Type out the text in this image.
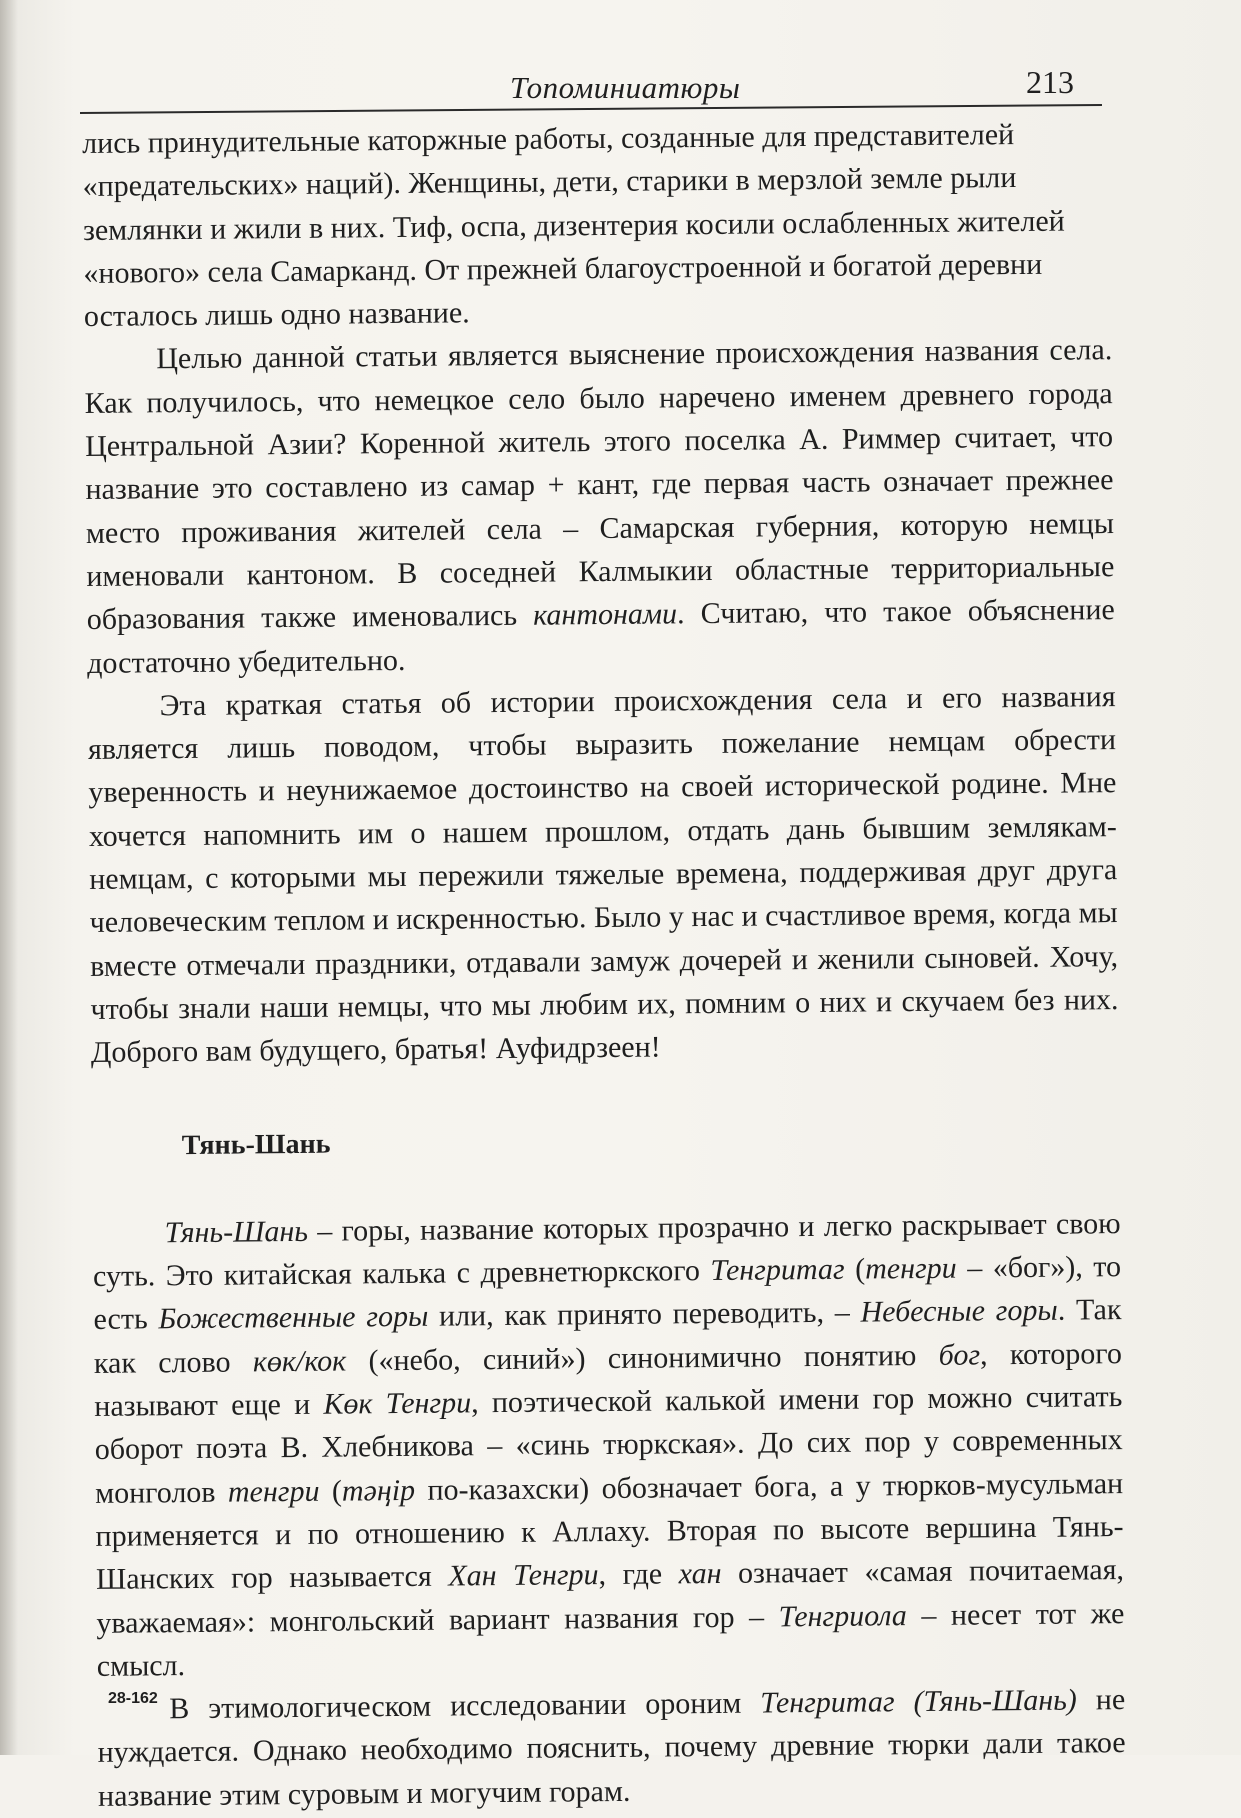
Топоминиатюры	213

лись принудительные каторжные работы, созданные для представителей «предательских» наций). Женщины, дети, старики в мерзлой земле рыли землянки и жили в них. Тиф, оспа, дизентерия косили ослабленных жителей «нового» села Самарканд. От прежней благоустроенной и богатой деревни осталось лишь одно название.

Целью данной статьи является выяснение происхождения названия села. Как получилось, что немецкое село было наречено именем древнего города Центральной Азии? Коренной житель этого поселка А. Риммер считает, что название это составлено из самар + кант, где первая часть означает прежнее место проживания жителей села – Самарская губерния, которую немцы именовали кантоном. В соседней Калмыкии областные территориальные образования также именовались кантонами. Считаю, что такое объяснение достаточно убедительно.

Эта краткая статья об истории происхождения села и его названия является лишь поводом, чтобы выразить пожелание немцам обрести уверенность и неунижаемое достоинство на своей исторической родине. Мне хочется напомнить им о нашем прошлом, отдать дань бывшим землякам-немцам, с которыми мы пережили тяжелые времена, поддерживая друг друга человеческим теплом и искренностью. Было у нас и счастливое время, когда мы вместе отмечали праздники, отдавали замуж дочерей и женили сыновей. Хочу, чтобы знали наши немцы, что мы любим их, помним о них и скучаем без них. Доброго вам будущего, братья! Ауфидрзеен!

Тянь-Шань

Тянь-Шань – горы, название которых прозрачно и легко раскрывает свою суть. Это китайская калька с древнетюркского Тенгритаг (тенгри – «бог»), то есть Божественные горы или, как принято переводить, – Небесные горы. Так как слово көк/кок («небо, синий») синонимично понятию бог, которого называют еще и Көк Тенгри, поэтической калькой имени гор можно считать оборот поэта В. Хлебникова – «синь тюркская». До сих пор у современных монголов тенгри (тәңір по-казахски) обозначает бога, а у тюрков-мусульман применяется и по отношению к Аллаху. Вторая по высоте вершина Тянь-Шанских гор называется Хан Тенгри, где хан означает «самая почитаемая, уважаемая»: монгольский вариант названия гор – Тенгриола – несет тот же смысл.

В этимологическом исследовании ороним Тенгритаг (Тянь-Шань) не нуждается. Однако необходимо пояснить, почему древние тюрки дали такое название этим суровым и могучим горам.

28-162
